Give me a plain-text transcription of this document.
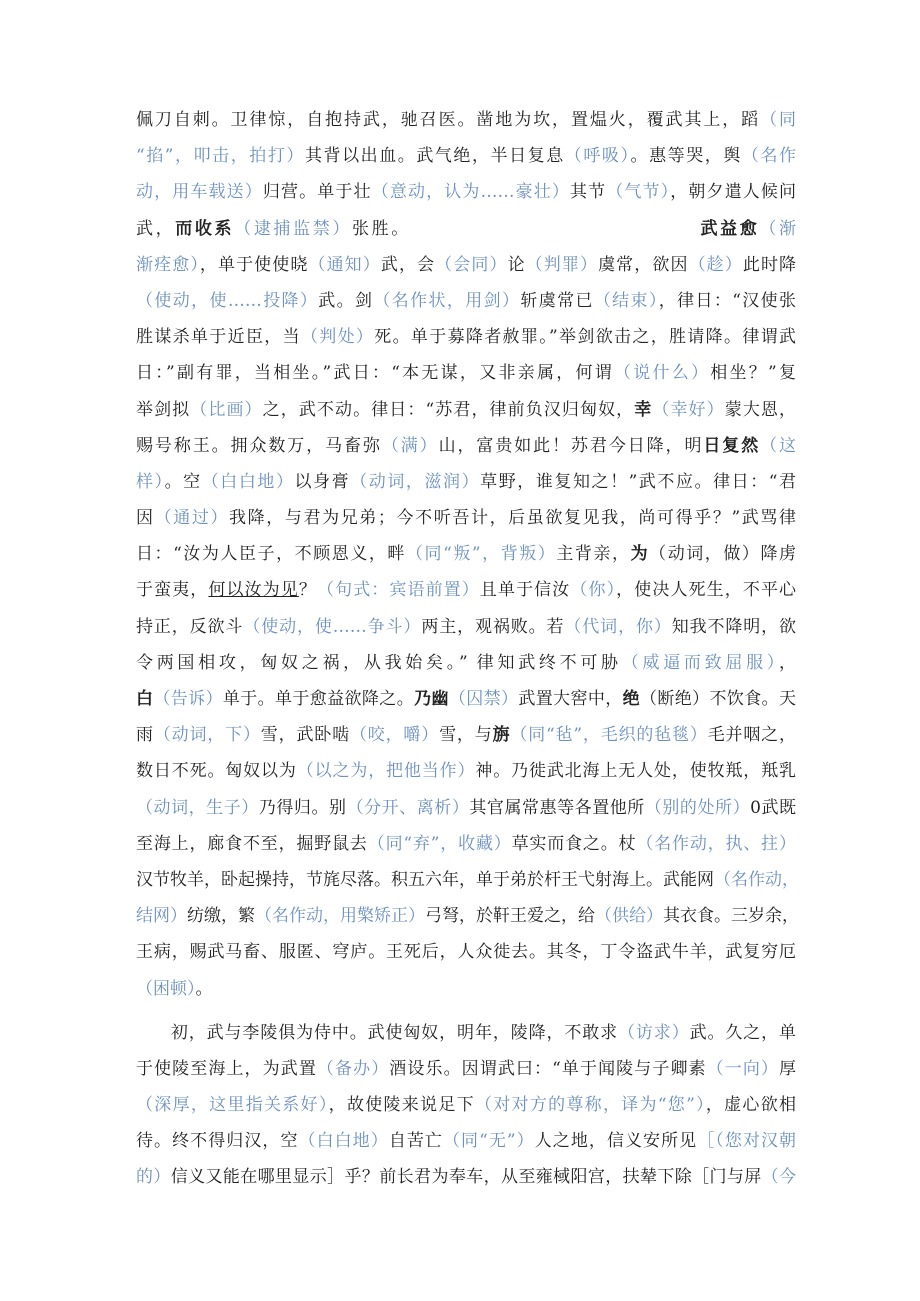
佩刀自刺。卫律惊，自抱持武，驰召医。凿地为坎，置煴火，覆武其上，蹈（同
“掐”，叩击，拍打）其背以出血。武气绝，半日复息（呼吸）。惠等哭，舆（名作
动，用车载送）归营。单于壮（意动，认为……豪壮）其节（气节），朝夕遣人候问
武，而收系（逮捕监禁）张胜。	武益愈（渐
渐痊愈），单于使使晓（通知）武，会（会同）论（判罪）虞常，欲因（趁）此时降
（使动，使……投降）武。剑（名作状，用剑）斩虞常已（结束），律日：“汉使张
胜谋杀单于近臣，当（判处）死。单于募降者赦罪。”举剑欲击之，胜请降。律谓武
日：”副有罪，当相坐。”武日：“本无谋，又非亲属，何谓（说什么）相坐？”复
举剑拟（比画）之，武不动。律日：“苏君，律前负汉归匈奴，幸（幸好）蒙大恩，
赐号称王。拥众数万，马畜弥（满）山，富贵如此！苏君今日降，明日复然（这
样）。空（白白地）以身膏（动词，滋润）草野，谁复知之！”武不应。律日：“君
因（通过）我降，与君为兄弟；今不听吾计，后虽欲复见我，尚可得乎？”武骂律
日：“汝为人臣子，不顾恩义，畔（同“叛”，背叛）主背亲，为（动词，做）降虏
于蛮夷，何以汝为见？（句式：宾语前置）且单于信汝（你），使决人死生，不平心
持正，反欲斗（使动，使……争斗）两主，观祸败。若（代词，你）知我不降明，欲
令两国相攻，匈奴之祸，从我始矣。” 律知武终不可胁（威逼而致屈服），
白（告诉）单于。单于愈益欲降之。乃幽（囚禁）武置大窖中，绝（断绝）不饮食。天
雨（动词，下）雪，武卧啮（咬，嚼）雪，与旃（同“毡”，毛织的毡毯）毛并咽之，
数日不死。匈奴以为（以之为，把他当作）神。乃徙武北海上无人处，使牧羝，羝乳
（动词，生子）乃得归。别（分开、离析）其官属常惠等各置他所（别的处所）0武既
至海上，廊食不至，掘野鼠去（同“弃”，收藏）草实而食之。杖（名作动，执、拄）
汉节牧羊，卧起操持，节旄尽落。积五六年，单于弟於杆王弋射海上。武能网（名作动，
结网）纺缴，繁（名作动，用檠矫正）弓弩，於靬王爱之，给（供给）其衣食。三岁余，
王病，赐武马畜、服匿、穹庐。王死后，人众徙去。其冬，丁令盗武牛羊，武复穷厄
（困顿）。
初，武与李陵俱为侍中。武使匈奴，明年，陵降，不敢求（访求）武。久之，单
于使陵至海上，为武置（备办）酒设乐。因谓武曰：“单于闻陵与子卿素（一向）厚
（深厚，这里指关系好），故使陵来说足下（对对方的尊称，译为“您”），虚心欲相
待。终不得归汉，空（白白地）自苦亡（同“无”）人之地，信义安所见［（您对汉朝
的）信义又能在哪里显示］乎？前长君为奉车，从至雍棫阳宫，扶辇下除［门与屏（今
